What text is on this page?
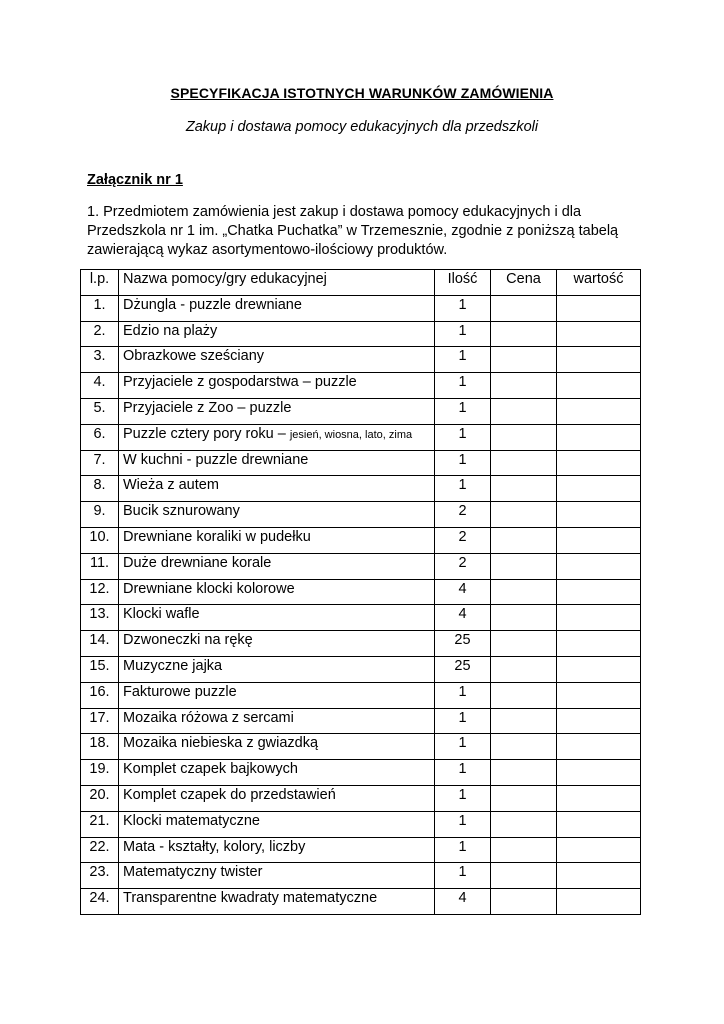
SPECYFIKACJA ISTOTNYCH WARUNKÓW ZAMÓWIENIA
Zakup i dostawa pomocy edukacyjnych dla przedszkoli
Załącznik nr 1
1. Przedmiotem zamówienia jest zakup i dostawa pomocy edukacyjnych i dla
Przedszkola nr 1 im. „Chatka Puchatka” w Trzemesznie, zgodnie z poniższą tabelą
zawierającą wykaz asortymentowo-ilościowy produktów.
l.p.	Nazwa pomocy/gry edukacyjnej	Ilość	Cena	wartość
1.	Dżungla - puzzle drewniane	1		
2.	Edzio na plaży	1		
3.	Obrazkowe sześciany	1		
4.	Przyjaciele z gospodarstwa – puzzle	1		
5.	Przyjaciele z Zoo – puzzle	1		
6.	Puzzle cztery pory roku – jesień, wiosna, lato, zima	1		
7.	W kuchni - puzzle drewniane	1		
8.	Wieża z autem	1		
9.	Bucik sznurowany	2		
10.	Drewniane koraliki w pudełku	2		
11.	Duże drewniane korale	2		
12.	Drewniane klocki kolorowe	4		
13.	Klocki wafle	4		
14.	Dzwoneczki na rękę	25		
15.	Muzyczne jajka	25		
16.	Fakturowe puzzle	1		
17.	Mozaika różowa z sercami	1		
18.	Mozaika niebieska z gwiazdką	1		
19.	Komplet czapek bajkowych	1		
20.	Komplet czapek do przedstawień	1		
21.	Klocki matematyczne	1		
22.	Mata - kształty, kolory, liczby	1		
23.	Matematyczny twister	1		
24.	Transparentne kwadraty matematyczne	4		
